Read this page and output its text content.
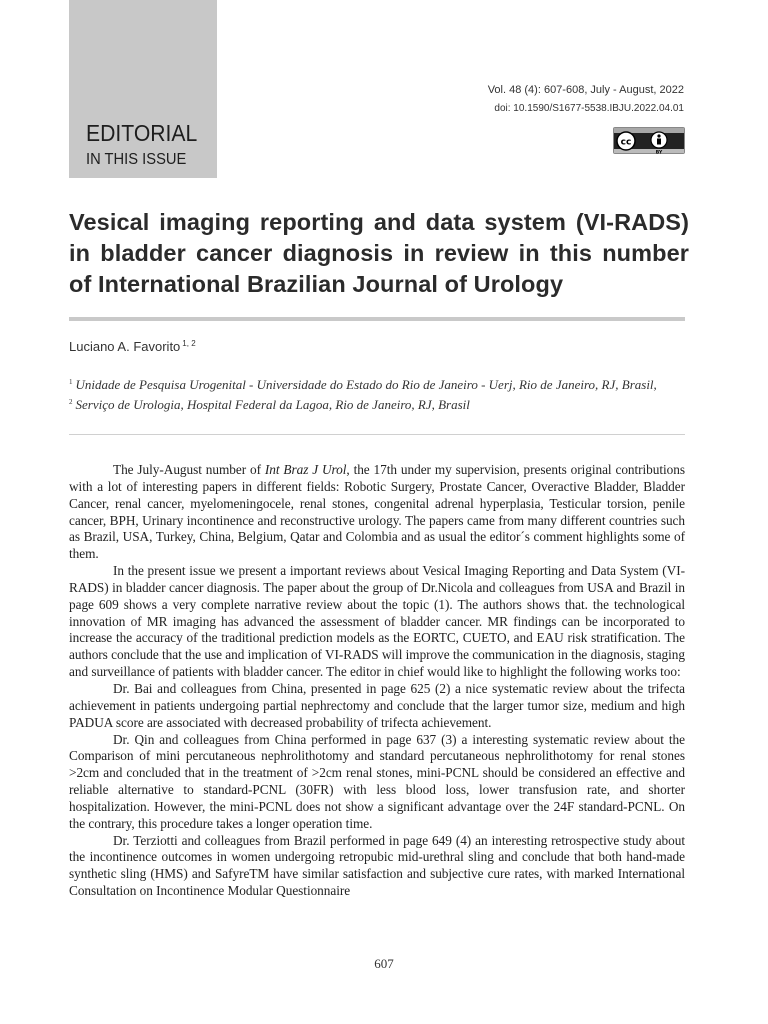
EDITORIAL
IN THIS ISSUE
Vol. 48 (4): 607-608, July - August, 2022
doi: 10.1590/S1677-5538.IBJU.2022.04.01
cc
BY
Vesical imaging reporting and data system (VI-RADS) in bladder cancer diagnosis in review in this number of International Brazilian Journal of Urology
Luciano A. Favorito $^{1, 2}$
$^1$ Unidade de Pesquisa Urogenital - Universidade do Estado do Rio de Janeiro - Uerj, Rio de Janeiro, RJ, Brasil,
$^2$ Serviço de Urologia, Hospital Federal da Lagoa, Rio de Janeiro, RJ, Brasil

The July-August number of Int Braz J Urol, the 17th under my supervision, presents original contributions with a lot of interesting papers in different fields: Robotic Surgery, Prostate Cancer, Overactive Bladder, Bladder Cancer, renal cancer, myelomeningocele, renal stones, congenital adrenal hyperplasia, Testicular torsion, penile cancer, BPH, Urinary incontinence and reconstructive urology. The papers came from many different countries such as Brazil, USA, Turkey, China, Belgium, Qatar and Colombia and as usual the editor´s comment highlights some of them.

In the present issue we present a important reviews about Vesical Imaging Reporting and Data System (VI-RADS) in bladder cancer diagnosis. The paper about the group of Dr.Nicola and colleagues from USA and Brazil in page 609 shows a very complete narrative review about the topic (1). The authors shows that. the technological innovation of MR imaging has advanced the assessment of bladder cancer. MR findings can be incorporated to increase the accuracy of the traditional prediction models as the EORTC, CUETO, and EAU risk stratification. The authors conclude that the use and implication of VI-RADS will improve the communication in the diagnosis, staging and surveillance of patients with bladder cancer. The editor in chief would like to highlight the following works too:

Dr. Bai and colleagues from China, presented in page 625 (2) a nice systematic review about the trifecta achievement in patients undergoing partial nephrectomy and conclude that the larger tumor size, medium and high PADUA score are associated with decreased probability of trifecta achievement.

Dr. Qin and colleagues from China performed in page 637 (3) a interesting systematic review about the Comparison of mini percutaneous nephrolithotomy and standard percutaneous nephrolithotomy for renal stones >2cm and concluded that in the treatment of >2cm renal stones, mini-PCNL should be considered an effective and reliable alternative to standard-PCNL (30FR) with less blood loss, lower transfusion rate, and shorter hospitalization. However, the mini-PCNL does not show a significant advantage over the 24F standard-PCNL. On the contrary, this procedure takes a longer operation time.

Dr. Terziotti and colleagues from Brazil performed in page 649 (4) an interesting retrospective study about the incontinence outcomes in women undergoing retropubic mid-urethral sling and conclude that both hand-made synthetic sling (HMS) and SafyreTM have similar satisfaction and subjective cure rates, with marked International Consultation on Incontinence Modular Questionnaire

607
